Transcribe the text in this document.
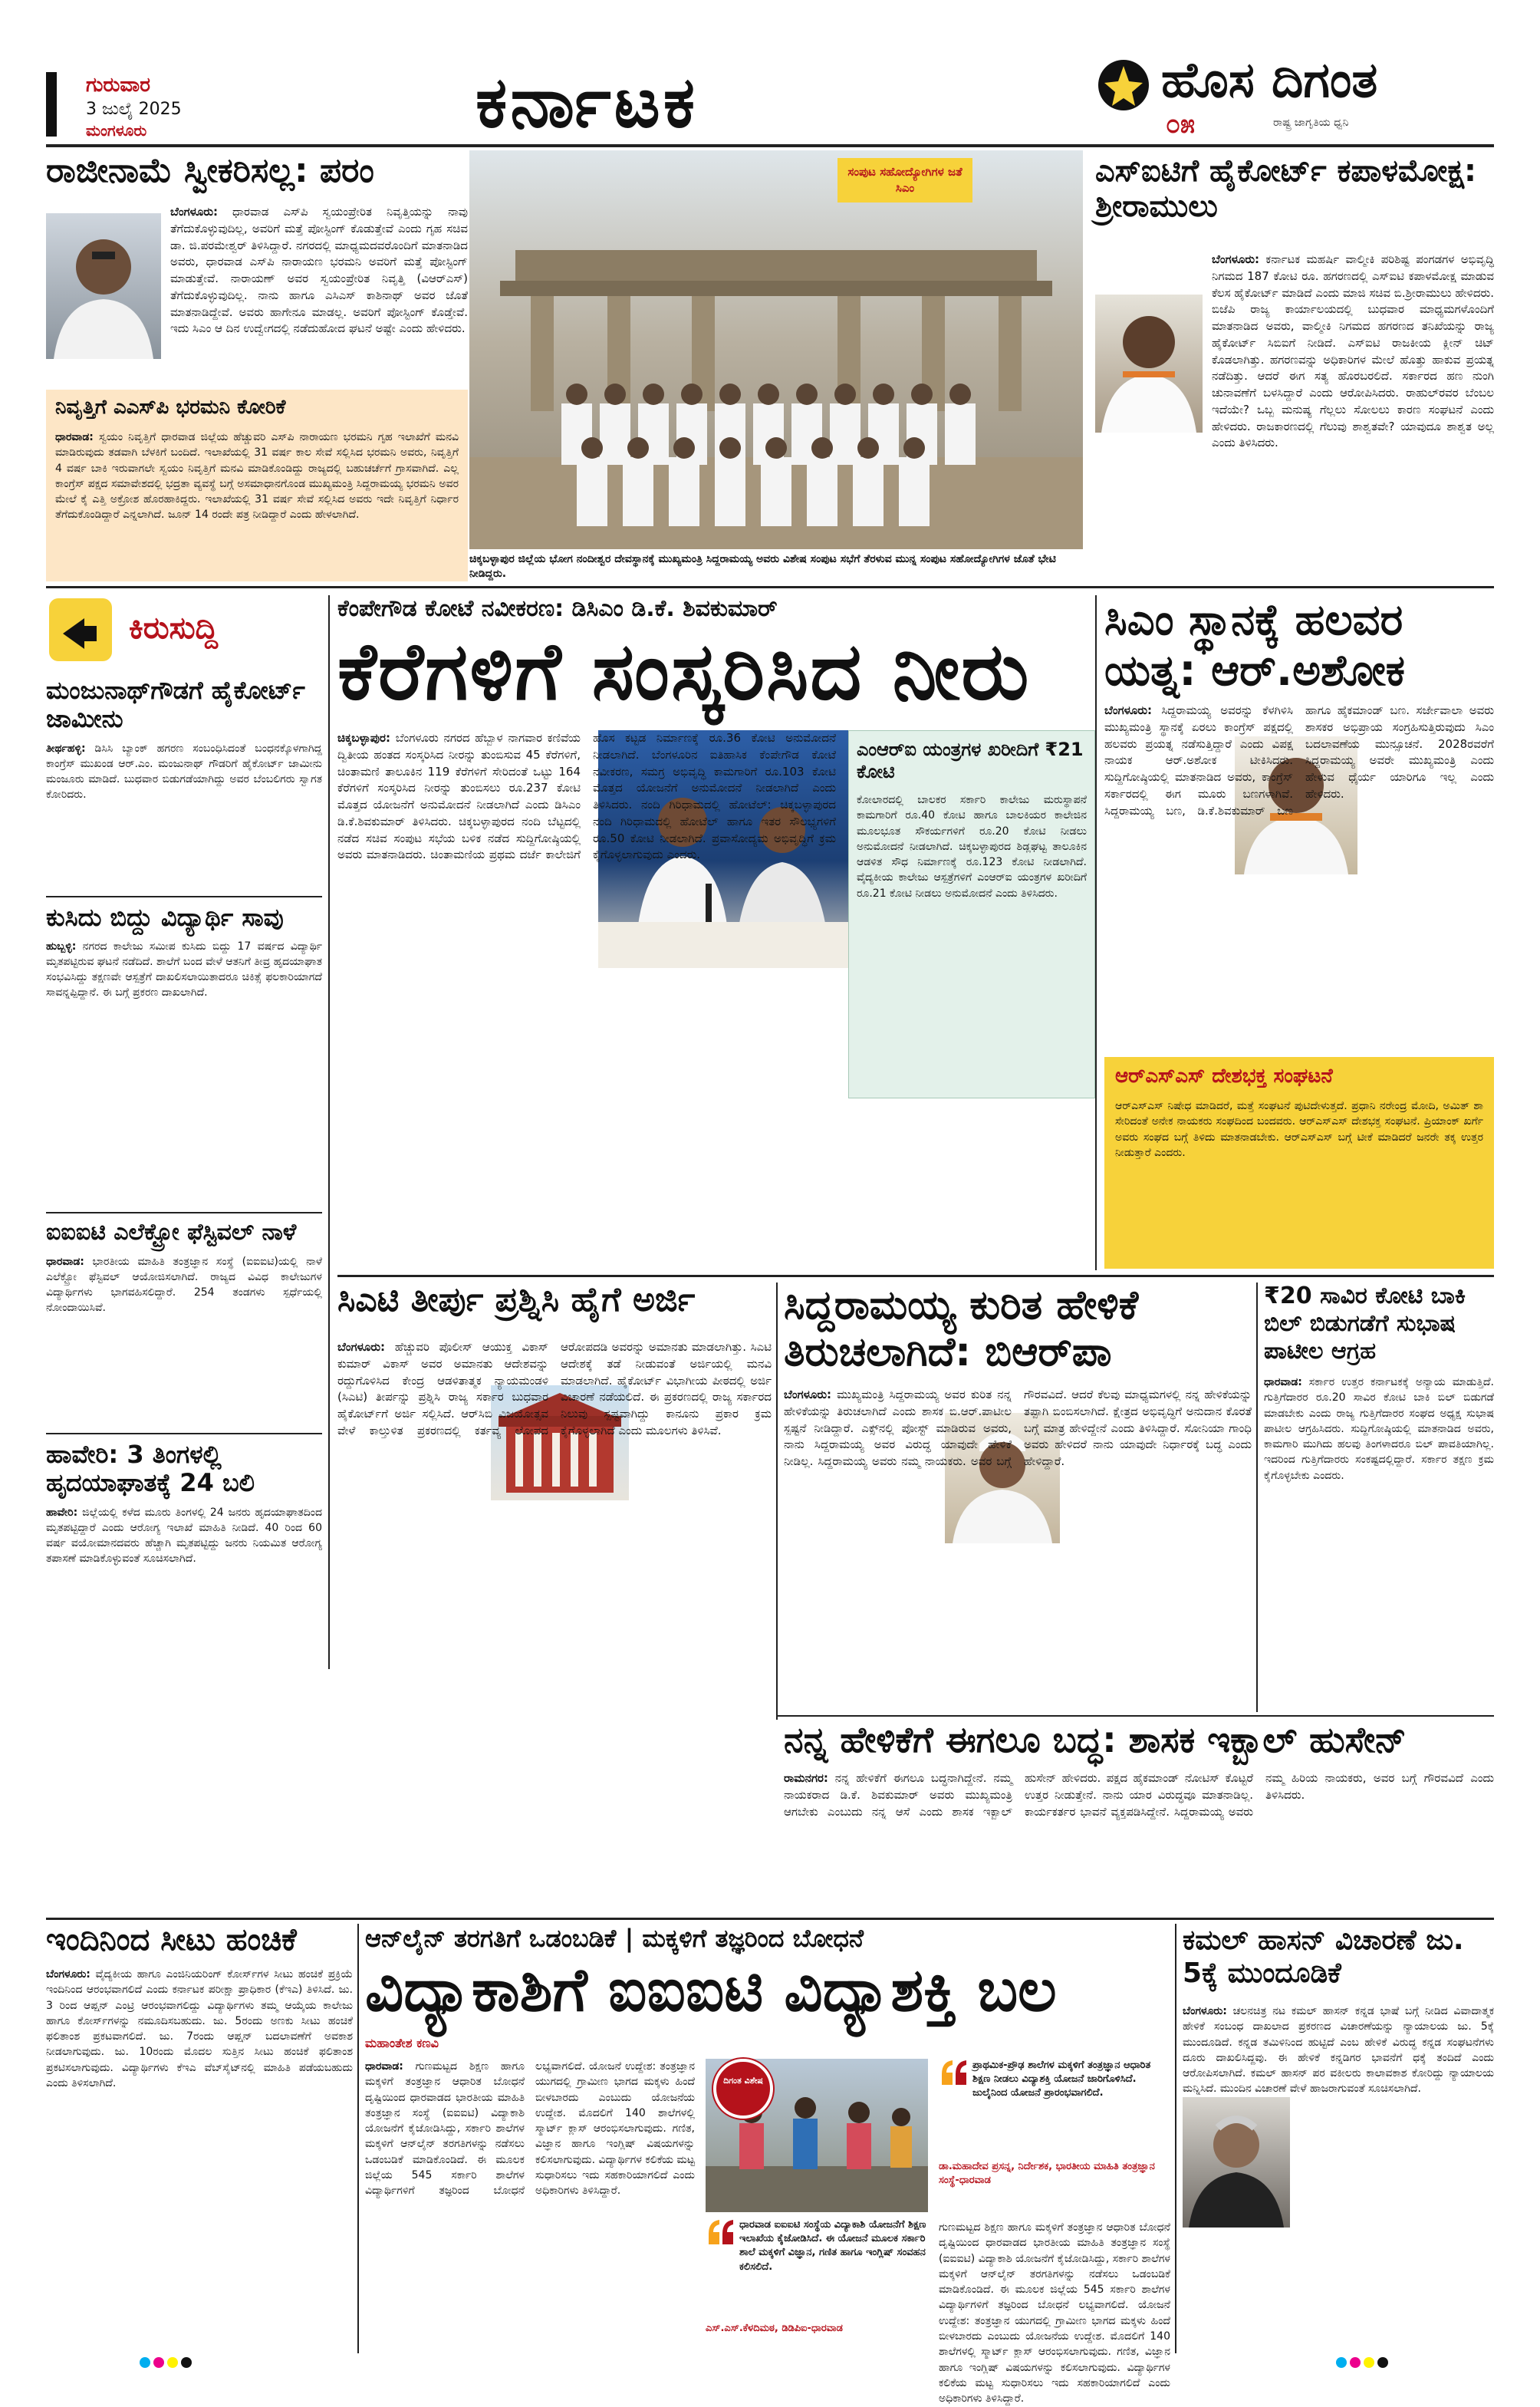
ಗುರುವಾರ
3 ಜುಲೈ 2025
ಮಂಗಳೂರು	ಕರ್ನಾಟಕ	ಹೊಸ ದಿಗಂತ
ರಾಷ್ಟ್ರ ಜಾಗೃತಿಯ ಧ್ವನಿ
೦೫
ರಾಜೀನಾಮೆ ಸ್ವೀಕರಿಸಲ್ಲ: ಪರಂ
ಬೆಂಗಳೂರು: ಧಾರವಾಡ ಎಸ್‌ಪಿ ಸ್ವಯಂಪ್ರೇರಿತ ನಿವೃತ್ತಿಯನ್ನು ನಾವು ತೆಗೆದುಕೊಳ್ಳುವುದಿಲ್ಲ, ಅವರಿಗೆ ಮತ್ತೆ ಪೋಸ್ಟಿಂಗ್ ಕೊಡುತ್ತೇವೆ ಎಂದು ಗೃಹ ಸಚಿವ ಡಾ. ಜಿ.ಪರಮೇಶ್ವರ್ ತಿಳಿಸಿದ್ದಾರೆ. ನಗರದಲ್ಲಿ ಮಾಧ್ಯಮದವರೊಂದಿಗೆ ಮಾತನಾಡಿದ ಅವರು, ಧಾರವಾಡ ಎಸ್‌ಪಿ ನಾರಾಯಣ ಭರಮನಿ ಅವರಿಗೆ ಮತ್ತೆ ಪೋಸ್ಟಿಂಗ್ ಮಾಡುತ್ತೇವೆ. ನಾರಾಯಣ್ ಅವರ ಸ್ವಯಂಪ್ರೇರಿತ ನಿವೃತ್ತಿ (ವಿಆರ್‌ಎಸ್) ತೆಗೆದುಕೊಳ್ಳುವುದಿಲ್ಲ. ನಾನು ಹಾಗೂ ಎಸಿಎಸ್ ಕಾಶಿನಾಥ್ ಅವರ ಜೊತೆ ಮಾತನಾಡಿದ್ದೇವೆ. ಅವರು ಹಾಗೇನೂ ಮಾಡಲ್ಲ. ಅವರಿಗೆ ಪೋಸ್ಟಿಂಗ್ ಕೊಡ್ತೇವೆ. ಇದು ಸಿಎಂ ಆ ದಿನ ಉದ್ವೇಗದಲ್ಲಿ ನಡೆದುಹೋದ ಘಟನೆ ಅಷ್ಟೇ ಎಂದು ಹೇಳಿದರು.
ನಿವೃತ್ತಿಗೆ ಎಎಸ್‌ಪಿ ಭರಮನಿ ಕೋರಿಕೆ
ಧಾರವಾಡ: ಸ್ವಯಂ ನಿವೃತ್ತಿಗೆ ಧಾರವಾಡ ಜಿಲ್ಲೆಯ ಹೆಚ್ಚುವರಿ ಎಸ್‌ಪಿ ನಾರಾಯಣ ಭರಮನಿ ಗೃಹ ಇಲಾಖೆಗೆ ಮನವಿ ಮಾಡಿರುವುದು ತಡವಾಗಿ ಬೆಳಕಿಗೆ ಬಂದಿದೆ. ಇಲಾಖೆಯಲ್ಲಿ 31 ವರ್ಷ ಕಾಲ ಸೇವೆ ಸಲ್ಲಿಸಿದ ಭರಮನಿ ಅವರು, ನಿವೃತ್ತಿಗೆ 4 ವರ್ಷ ಬಾಕಿ ಇರುವಾಗಲೇ ಸ್ವಯಂ ನಿವೃತ್ತಿಗೆ ಮನವಿ ಮಾಡಿಕೊಂಡಿದ್ದು ರಾಜ್ಯದಲ್ಲಿ ಬಹುಚರ್ಚೆಗೆ ಗ್ರಾಸವಾಗಿದೆ. ಎಲ್ಲ ಕಾಂಗ್ರೆಸ್‌ ಪಕ್ಷದ ಸಮಾವೇಶದಲ್ಲಿ ಭದ್ರತಾ ವ್ಯವಸ್ಥೆ ಬಗ್ಗೆ ಅಸಮಾಧಾನಗೊಂಡ ಮುಖ್ಯಮಂತ್ರಿ ಸಿದ್ದರಾಮಯ್ಯ ಭರಮನಿ ಅವರ ಮೇಲೆ ಕೈ ಎತ್ತಿ ಅಕ್ರೋಶ ಹೊರಹಾಕಿದ್ದರು. ಇಲಾಖೆಯಲ್ಲಿ 31 ವರ್ಷ ಸೇವೆ ಸಲ್ಲಿಸಿದ ಅವರು ಇದೇ ನಿವೃತ್ತಿಗೆ ನಿರ್ಧಾರ ತೆಗೆದುಕೊಂಡಿದ್ದಾರೆ ಎನ್ನಲಾಗಿದೆ. ಜೂನ್ 14 ರಂದೇ ಪತ್ರ ನೀಡಿದ್ದಾರೆ ಎಂದು ಹೇಳಲಾಗಿದೆ.
ಸಂಪುಟ ಸಹೋದ್ಯೋಗಿಗಳ ಜತೆ ಸಿಎಂ
ಚಿಕ್ಕಬಳ್ಳಾಪುರ ಜಿಲ್ಲೆಯ ಭೋಗ ನಂದೀಶ್ವರ ದೇವಸ್ಥಾನಕ್ಕೆ ಮುಖ್ಯಮಂತ್ರಿ ಸಿದ್ದರಾಮಯ್ಯ ಅವರು ವಿಶೇಷ ಸಂಪುಟ ಸಭೆಗೆ ತೆರಳುವ ಮುನ್ನ ಸಂಪುಟ ಸಹೋದ್ಯೋಗಿಗಳ ಜೊತೆ ಭೇಟಿ ನೀಡಿದ್ದರು.
ಎಸ್‌ಐಟಿಗೆ ಹೈಕೋರ್ಟ್ ಕಪಾಳಮೋಕ್ಷ: ಶ್ರೀರಾಮುಲು
ಬೆಂಗಳೂರು: ಕರ್ನಾಟಕ ಮಹರ್ಷಿ ವಾಲ್ಮೀಕಿ ಪರಿಶಿಷ್ಟ ಪಂಗಡಗಳ ಅಭಿವೃದ್ಧಿ ನಿಗಮದ 187 ಕೋಟಿ ರೂ. ಹಗರಣದಲ್ಲಿ ಎಸ್‌ಐಟಿ ಕಪಾಳಮೋಕ್ಷ ಮಾಡುವ ಕೆಲಸ ಹೈಕೋರ್ಟ್ ಮಾಡಿದೆ ಎಂದು ಮಾಜಿ ಸಚಿವ ಬಿ.ಶ್ರೀರಾಮುಲು ಹೇಳಿದರು. ಬಿಜೆಪಿ ರಾಜ್ಯ ಕಾರ್ಯಾಲಯದಲ್ಲಿ ಬುಧವಾರ ಮಾಧ್ಯಮಗಳೊಂದಿಗೆ ಮಾತನಾಡಿದ ಅವರು, ವಾಲ್ಮೀಕಿ ನಿಗಮದ ಹಗರಣದ ತನಿಖೆಯನ್ನು ರಾಜ್ಯ ಹೈಕೋರ್ಟ್ ಸಿಬಿಐಗೆ ನೀಡಿದೆ. ಎಸ್‌ಐಟಿ ರಾಜಕೀಯ ಕ್ಲೀನ್ ಚಿಟ್ ಕೊಡಲಾಗಿತ್ತು. ಹಗರಣವನ್ನು ಅಧಿಕಾರಿಗಳ ಮೇಲೆ ಹೊತ್ತು ಹಾಕುವ ಪ್ರಯತ್ನ ನಡೆದಿತ್ತು. ಆದರೆ ಈಗ ಸತ್ಯ ಹೊರಬರಲಿದೆ. ಸರ್ಕಾರದ ಹಣ ನುಂಗಿ ಚುನಾವಣೆಗೆ ಬಳಸಿದ್ದಾರೆ ಎಂದು ಆರೋಪಿಸಿದರು. ರಾಹುಲ್‌ರವರ ಬೆಂಬಲ ಇದೆಯೇ? ಒಬ್ಬ ಮನುಷ್ಯ ಗೆಲ್ಲಲು ಸೋಲಲು ಕಾರಣ ಸಂಘಟನೆ ಎಂದು ಹೇಳಿದರು. ರಾಜಕಾರಣದಲ್ಲಿ ಗೆಲುವು ಶಾಶ್ವತವೇ? ಯಾವುದೂ ಶಾಶ್ವತ ಅಲ್ಲ ಎಂದು ತಿಳಿಸಿದರು.
ಕಿರುಸುದ್ದಿ
ಮಂಜುನಾಥ್‌ಗೌಡಗೆ ಹೈಕೋರ್ಟ್ ಜಾಮೀನು
ತೀರ್ಥಹಳ್ಳಿ: ಡಿಸಿಸಿ ಬ್ಯಾಂಕ್ ಹಗರಣ ಸಂಬಂಧಿಸಿದಂತೆ ಬಂಧನಕ್ಕೊಳಗಾಗಿದ್ದ ಕಾಂಗ್ರೆಸ್ ಮುಖಂಡ ಆರ್.ಎಂ. ಮಂಜುನಾಥ್ ಗೌಡರಿಗೆ ಹೈಕೋರ್ಟ್ ಜಾಮೀನು ಮಂಜೂರು ಮಾಡಿದೆ. ಬುಧವಾರ ಬಿಡುಗಡೆಯಾಗಿದ್ದು ಅವರ ಬೆಂಬಲಿಗರು ಸ್ವಾಗತ ಕೋರಿದರು.
ಕುಸಿದು ಬಿದ್ದು ವಿದ್ಯಾರ್ಥಿ ಸಾವು
ಹುಬ್ಬಳ್ಳಿ: ನಗರದ ಕಾಲೇಜು ಸಮೀಪ ಕುಸಿದು ಬಿದ್ದು 17 ವರ್ಷದ ವಿದ್ಯಾರ್ಥಿ ಮೃತಪಟ್ಟಿರುವ ಘಟನೆ ನಡೆದಿದೆ. ಶಾಲೆಗೆ ಬಂದ ವೇಳೆ ಆತನಿಗೆ ತೀವ್ರ ಹೃದಯಾಘಾತ ಸಂಭವಿಸಿದ್ದು ತಕ್ಷಣವೇ ಆಸ್ಪತ್ರೆಗೆ ದಾಖಲಿಸಲಾಯಿತಾದರೂ ಚಿಕಿತ್ಸೆ ಫಲಕಾರಿಯಾಗದೆ ಸಾವನ್ನಪ್ಪಿದ್ದಾನೆ. ಈ ಬಗ್ಗೆ ಪ್ರಕರಣ ದಾಖಲಾಗಿದೆ.
ಐಐಐಟಿ ಎಲೆಕ್ಟ್ರೋ ಫೆಸ್ಟಿವಲ್ ನಾಳೆ
ಧಾರವಾಡ: ಭಾರತೀಯ ಮಾಹಿತಿ ತಂತ್ರಜ್ಞಾನ ಸಂಸ್ಥೆ (ಐಐಐಟಿ)ಯಲ್ಲಿ ನಾಳೆ ಎಲೆಕ್ಟ್ರೋ ಫೆಸ್ಟಿವಲ್ ಆಯೋಜಿಸಲಾಗಿದೆ. ರಾಜ್ಯದ ವಿವಿಧ ಕಾಲೇಜುಗಳ ವಿದ್ಯಾರ್ಥಿಗಳು ಭಾಗವಹಿಸಲಿದ್ದಾರೆ. 254 ತಂಡಗಳು ಸ್ಪರ್ಧೆಯಲ್ಲಿ ನೋಂದಾಯಿಸಿವೆ.
ಹಾವೇರಿ: 3 ತಿಂಗಳಲ್ಲಿ ಹೃದಯಾಘಾತಕ್ಕೆ 24 ಬಲಿ
ಹಾವೇರಿ: ಜಿಲ್ಲೆಯಲ್ಲಿ ಕಳೆದ ಮೂರು ತಿಂಗಳಲ್ಲಿ 24 ಜನರು ಹೃದಯಾಘಾತದಿಂದ ಮೃತಪಟ್ಟಿದ್ದಾರೆ ಎಂದು ಆರೋಗ್ಯ ಇಲಾಖೆ ಮಾಹಿತಿ ನೀಡಿದೆ. 40 ರಿಂದ 60 ವರ್ಷ ವಯೋಮಾನದವರು ಹೆಚ್ಚಾಗಿ ಮೃತಪಟ್ಟಿದ್ದು ಜನರು ನಿಯಮಿತ ಆರೋಗ್ಯ ತಪಾಸಣೆ ಮಾಡಿಕೊಳ್ಳುವಂತೆ ಸೂಚಿಸಲಾಗಿದೆ.
ಕೆಂಪೇಗೌಡ ಕೋಟೆ ನವೀಕರಣ: ಡಿಸಿಎಂ ಡಿ.ಕೆ. ಶಿವಕುಮಾರ್
ಕೆರೆಗಳಿಗೆ ಸಂಸ್ಕರಿಸಿದ ನೀರು
ಚಿಕ್ಕಬಳ್ಳಾಪುರ: ಬೆಂಗಳೂರು ನಗರದ ಹೆಬ್ಬಾಳ ನಾಗವಾರ ಕಣಿವೆಯ ದ್ವಿತೀಯ ಹಂತದ ಸಂಸ್ಕರಿಸಿದ ನೀರನ್ನು ತುಂಬಿಸುವ 45 ಕೆರೆಗಳಿಗೆ, ಚಿಂತಾಮಣಿ ತಾಲೂಕಿನ 119 ಕೆರೆಗಳಿಗೆ ಸೇರಿದಂತೆ ಒಟ್ಟು 164 ಕೆರೆಗಳಿಗೆ ಸಂಸ್ಕರಿಸಿದ ನೀರನ್ನು ತುಂಬಿಸಲು ರೂ.237 ಕೋಟಿ ಮೊತ್ತದ ಯೋಜನೆಗೆ ಅನುಮೋದನೆ ನೀಡಲಾಗಿದೆ ಎಂದು ಡಿಸಿಎಂ ಡಿ.ಕೆ.ಶಿವಕುಮಾರ್ ತಿಳಿಸಿದರು. ಚಿಕ್ಕಬಳ್ಳಾಪುರದ ನಂದಿ ಬೆಟ್ಟದಲ್ಲಿ ನಡೆದ ಸಚಿವ ಸಂಪುಟ ಸಭೆಯ ಬಳಿಕ ನಡೆದ ಸುದ್ದಿಗೋಷ್ಠಿಯಲ್ಲಿ ಅವರು ಮಾತನಾಡಿದರು. ಚಿಂತಾಮಣಿಯ ಪ್ರಥಮ ದರ್ಜೆ ಕಾಲೇಜಿಗೆ ಹೊಸ ಕಟ್ಟಡ ನಿರ್ಮಾಣಕ್ಕೆ ರೂ.36 ಕೋಟಿ ಅನುಮೋದನೆ ನೀಡಲಾಗಿದೆ. ಬೆಂಗಳೂರಿನ ಐತಿಹಾಸಿಕ ಕೆಂಪೇಗೌಡ ಕೋಟೆ ನವೀಕರಣ, ಸಮಗ್ರ ಅಭಿವೃದ್ಧಿ ಕಾಮಗಾರಿಗೆ ರೂ.103 ಕೋಟಿ ಮೊತ್ತದ ಯೋಜನೆಗೆ ಅನುಮೋದನೆ ನೀಡಲಾಗಿದೆ ಎಂದು ತಿಳಿಸಿದರು. ನಂದಿ ಗಿರಿಧಾಮದಲ್ಲಿ ಹೋಟೆಲ್: ಚಿಕ್ಕಬಳ್ಳಾಪುರದ ನಂದಿ ಗಿರಿಧಾಮದಲ್ಲಿ ಹೋಟೆಲ್ ಹಾಗೂ ಇತರ ಸೌಲಭ್ಯಗಳಿಗೆ ರೂ.50 ಕೋಟಿ ನೀಡಲಾಗಿದೆ. ಪ್ರವಾಸೋದ್ಯಮ ಅಭಿವೃದ್ಧಿಗೆ ಕ್ರಮ ಕೈಗೊಳ್ಳಲಾಗುವುದು ಎಂದರು.
ಎಂಆರ್‌ಐ ಯಂತ್ರಗಳ ಖರೀದಿಗೆ ₹21 ಕೋಟಿ
ಕೋಲಾರದಲ್ಲಿ ಬಾಲಕರ ಸರ್ಕಾರಿ ಕಾಲೇಜು ಮರುಸ್ಥಾಪನೆ ಕಾಮಗಾರಿಗೆ ರೂ.40 ಕೋಟಿ ಹಾಗೂ ಬಾಲಕಿಯರ ಕಾಲೇಜಿನ ಮೂಲಭೂತ ಸೌಕರ್ಯಗಳಿಗೆ ರೂ.20 ಕೋಟಿ ನೀಡಲು ಅನುಮೋದನೆ ನೀಡಲಾಗಿದೆ. ಚಿಕ್ಕಬಳ್ಳಾಪುರದ ಶಿಡ್ಲಘಟ್ಟ ತಾಲೂಕಿನ ಆಡಳಿತ ಸೌಧ ನಿರ್ಮಾಣಕ್ಕೆ ರೂ.123 ಕೋಟಿ ನೀಡಲಾಗಿದೆ. ವೈದ್ಯಕೀಯ ಕಾಲೇಜು ಆಸ್ಪತ್ರೆಗಳಿಗೆ ಎಂಆರ್‌ಐ ಯಂತ್ರಗಳ ಖರೀದಿಗೆ ರೂ.21 ಕೋಟಿ ನೀಡಲು ಅನುಮೋದನೆ ಎಂದು ತಿಳಿಸಿದರು.
ಸಿಎಂ ಸ್ಥಾನಕ್ಕೆ ಹಲವರ ಯತ್ನ: ಆರ್.ಅಶೋಕ
ಬೆಂಗಳೂರು: ಸಿದ್ದರಾಮಯ್ಯ ಅವರನ್ನು ಕೆಳಗಿಳಿಸಿ ಮುಖ್ಯಮಂತ್ರಿ ಸ್ಥಾನಕ್ಕೆ ಏರಲು ಕಾಂಗ್ರೆಸ್ ಪಕ್ಷದಲ್ಲಿ ಹಲವರು ಪ್ರಯತ್ನ ನಡೆಸುತ್ತಿದ್ದಾರೆ ಎಂದು ವಿಪಕ್ಷ ನಾಯಕ ಆರ್.ಅಶೋಕ ಟೀಕಿಸಿದರು. ಸುದ್ದಿಗೋಷ್ಠಿಯಲ್ಲಿ ಮಾತನಾಡಿದ ಅವರು, ಕಾಂಗ್ರೆಸ್ ಸರ್ಕಾರದಲ್ಲಿ ಈಗ ಮೂರು ಬಣಗಳಾಗಿವೆ. ಸಿದ್ದರಾಮಯ್ಯ ಬಣ, ಡಿ.ಕೆ.ಶಿವಕುಮಾರ್ ಬಣ ಹಾಗೂ ಹೈಕಮಾಂಡ್ ಬಣ. ಸರ್ಜೇವಾಲಾ ಅವರು ಶಾಸಕರ ಅಭಿಪ್ರಾಯ ಸಂಗ್ರಹಿಸುತ್ತಿರುವುದು ಸಿಎಂ ಬದಲಾವಣೆಯ ಮುನ್ಸೂಚನೆ. 2028ರವರೆಗೆ ಸಿದ್ದರಾಮಯ್ಯ ಅವರೇ ಮುಖ್ಯಮಂತ್ರಿ ಎಂದು ಹೇಳುವ ಧೈರ್ಯ ಯಾರಿಗೂ ಇಲ್ಲ ಎಂದು ಹೇಳಿದರು.
ಆರ್‌ಎಸ್‌ಎಸ್ ದೇಶಭಕ್ತ ಸಂಘಟನೆ
ಆರ್‌ಎಸ್‌ಎಸ್ ನಿಷೇಧ ಮಾಡಿದರೆ, ಮತ್ತೆ ಸಂಘಟನೆ ಪುಟಿದೇಳುತ್ತದೆ. ಪ್ರಧಾನಿ ನರೇಂದ್ರ ಮೋದಿ, ಅಮಿತ್ ಶಾ ಸೇರಿದಂತೆ ಅನೇಕ ನಾಯಕರು ಸಂಘದಿಂದ ಬಂದವರು. ಆರ್‌ಎಸ್‌ಎಸ್ ದೇಶಭಕ್ತ ಸಂಘಟನೆ. ಪ್ರಿಯಾಂಕ್ ಖರ್ಗೆ ಅವರು ಸಂಘದ ಬಗ್ಗೆ ತಿಳಿದು ಮಾತನಾಡಬೇಕು. ಆರ್‌ಎಸ್‌ಎಸ್ ಬಗ್ಗೆ ಟೀಕೆ ಮಾಡಿದರೆ ಜನರೇ ತಕ್ಕ ಉತ್ತರ ನೀಡುತ್ತಾರೆ ಎಂದರು.
ಸಿಎಟಿ ತೀರ್ಪು ಪ್ರಶ್ನಿಸಿ ಹೈಗೆ ಅರ್ಜಿ
ಬೆಂಗಳೂರು: ಹೆಚ್ಚುವರಿ ಪೊಲೀಸ್ ಆಯುಕ್ತ ವಿಕಾಸ್ ಕುಮಾರ್ ವಿಕಾಸ್ ಅವರ ಅಮಾನತು ಆದೇಶವನ್ನು ರದ್ದುಗೊಳಿಸಿದ ಕೇಂದ್ರ ಆಡಳಿತಾತ್ಮಕ ನ್ಯಾಯಮಂಡಳಿ (ಸಿಎಟಿ) ತೀರ್ಪನ್ನು ಪ್ರಶ್ನಿಸಿ ರಾಜ್ಯ ಸರ್ಕಾರ ಬುಧವಾರ ಹೈಕೋರ್ಟ್‌ಗೆ ಅರ್ಜಿ ಸಲ್ಲಿಸಿದೆ. ಆರ್‌ಸಿಬಿ ವಿಜಯೋತ್ಸವ ವೇಳೆ ಕಾಲ್ತುಳಿತ ಪ್ರಕರಣದಲ್ಲಿ ಕರ್ತವ್ಯ ಲೋಪದ ಆರೋಪದಡಿ ಅವರನ್ನು ಅಮಾನತು ಮಾಡಲಾಗಿತ್ತು. ಸಿಎಟಿ ಆದೇಶಕ್ಕೆ ತಡೆ ನೀಡುವಂತೆ ಅರ್ಜಿಯಲ್ಲಿ ಮನವಿ ಮಾಡಲಾಗಿದೆ. ಹೈಕೋರ್ಟ್ ವಿಭಾಗೀಯ ಪೀಠದಲ್ಲಿ ಅರ್ಜಿ ವಿಚಾರಣೆ ನಡೆಯಲಿದೆ. ಈ ಪ್ರಕರಣದಲ್ಲಿ ರಾಜ್ಯ ಸರ್ಕಾರದ ನಿಲುವು ಸ್ಪಷ್ಟವಾಗಿದ್ದು ಕಾನೂನು ಪ್ರಕಾರ ಕ್ರಮ ಕೈಗೊಳ್ಳಲಾಗಿದೆ ಎಂದು ಮೂಲಗಳು ತಿಳಿಸಿವೆ.
ಸಿದ್ದರಾಮಯ್ಯ ಕುರಿತ ಹೇಳಿಕೆ ತಿರುಚಲಾಗಿದೆ: ಬಿಆರ್‌ಪಾ
ಬೆಂಗಳೂರು: ಮುಖ್ಯಮಂತ್ರಿ ಸಿದ್ದರಾಮಯ್ಯ ಅವರ ಕುರಿತ ನನ್ನ ಹೇಳಿಕೆಯನ್ನು ತಿರುಚಲಾಗಿದೆ ಎಂದು ಶಾಸಕ ಬಿ.ಆರ್.ಪಾಟೀಲ ಸ್ಪಷ್ಟನೆ ನೀಡಿದ್ದಾರೆ. ಎಕ್ಸ್‌ನಲ್ಲಿ ಪೋಸ್ಟ್ ಮಾಡಿರುವ ಅವರು, ನಾನು ಸಿದ್ದರಾಮಯ್ಯ ಅವರ ವಿರುದ್ಧ ಯಾವುದೇ ಹೇಳಿಕೆ ನೀಡಿಲ್ಲ. ಸಿದ್ದರಾಮಯ್ಯ ಅವರು ನಮ್ಮ ನಾಯಕರು. ಅವರ ಬಗ್ಗೆ ಗೌರವವಿದೆ. ಆದರೆ ಕೆಲವು ಮಾಧ್ಯಮಗಳಲ್ಲಿ ನನ್ನ ಹೇಳಿಕೆಯನ್ನು ತಪ್ಪಾಗಿ ಬಿಂಬಿಸಲಾಗಿದೆ. ಕ್ಷೇತ್ರದ ಅಭಿವೃದ್ಧಿಗೆ ಅನುದಾನ ಕೊರತೆ ಬಗ್ಗೆ ಮಾತ್ರ ಹೇಳಿದ್ದೇನೆ ಎಂದು ತಿಳಿಸಿದ್ದಾರೆ. ಸೋನಿಯಾ ಗಾಂಧಿ ಅವರು ಹೇಳಿದರೆ ನಾನು ಯಾವುದೇ ನಿರ್ಧಾರಕ್ಕೆ ಬದ್ಧ ಎಂದು ಹೇಳಿದ್ದಾರೆ.
₹20 ಸಾವಿರ ಕೋಟಿ ಬಾಕಿ ಬಿಲ್ ಬಿಡುಗಡೆಗೆ ಸುಭಾಷ ಪಾಟೀಲ ಆಗ್ರಹ
ಧಾರವಾಡ: ಸರ್ಕಾರ ಉತ್ತರ ಕರ್ನಾಟಕಕ್ಕೆ ಅನ್ಯಾಯ ಮಾಡುತ್ತಿದೆ. ಗುತ್ತಿಗೆದಾರರ ರೂ.20 ಸಾವಿರ ಕೋಟಿ ಬಾಕಿ ಬಿಲ್ ಬಿಡುಗಡೆ ಮಾಡಬೇಕು ಎಂದು ರಾಜ್ಯ ಗುತ್ತಿಗೆದಾರರ ಸಂಘದ ಅಧ್ಯಕ್ಷ ಸುಭಾಷ ಪಾಟೀಲ ಆಗ್ರಹಿಸಿದರು. ಸುದ್ದಿಗೋಷ್ಠಿಯಲ್ಲಿ ಮಾತನಾಡಿದ ಅವರು, ಕಾಮಗಾರಿ ಮುಗಿದು ಹಲವು ತಿಂಗಳಾದರೂ ಬಿಲ್ ಪಾವತಿಯಾಗಿಲ್ಲ. ಇದರಿಂದ ಗುತ್ತಿಗೆದಾರರು ಸಂಕಷ್ಟದಲ್ಲಿದ್ದಾರೆ. ಸರ್ಕಾರ ತಕ್ಷಣ ಕ್ರಮ ಕೈಗೊಳ್ಳಬೇಕು ಎಂದರು.
ನನ್ನ ಹೇಳಿಕೆಗೆ ಈಗಲೂ ಬದ್ಧ: ಶಾಸಕ ಇಕ್ಬಾಲ್ ಹುಸೇನ್
ರಾಮನಗರ: ನನ್ನ ಹೇಳಿಕೆಗೆ ಈಗಲೂ ಬದ್ಧನಾಗಿದ್ದೇನೆ. ನಮ್ಮ ನಾಯಕರಾದ ಡಿ.ಕೆ. ಶಿವಕುಮಾರ್ ಅವರು ಮುಖ್ಯಮಂತ್ರಿ ಆಗಬೇಕು ಎಂಬುದು ನನ್ನ ಆಸೆ ಎಂದು ಶಾಸಕ ಇಕ್ಬಾಲ್ ಹುಸೇನ್ ಹೇಳಿದರು. ಪಕ್ಷದ ಹೈಕಮಾಂಡ್ ನೋಟಿಸ್ ಕೊಟ್ಟರೆ ಉತ್ತರ ನೀಡುತ್ತೇನೆ. ನಾನು ಯಾರ ವಿರುದ್ಧವೂ ಮಾತನಾಡಿಲ್ಲ. ಕಾರ್ಯಕರ್ತರ ಭಾವನೆ ವ್ಯಕ್ತಪಡಿಸಿದ್ದೇನೆ. ಸಿದ್ದರಾಮಯ್ಯ ಅವರು ನಮ್ಮ ಹಿರಿಯ ನಾಯಕರು, ಅವರ ಬಗ್ಗೆ ಗೌರವವಿದೆ ಎಂದು ತಿಳಿಸಿದರು.
ಇಂದಿನಿಂದ ಸೀಟು ಹಂಚಿಕೆ
ಬೆಂಗಳೂರು: ವೈದ್ಯಕೀಯ ಹಾಗೂ ಎಂಜಿನಿಯರಿಂಗ್ ಕೋರ್ಸ್‌ಗಳ ಸೀಟು ಹಂಚಿಕೆ ಪ್ರಕ್ರಿಯೆ ಇಂದಿನಿಂದ ಆರಂಭವಾಗಲಿದೆ ಎಂದು ಕರ್ನಾಟಕ ಪರೀಕ್ಷಾ ಪ್ರಾಧಿಕಾರ (ಕೆಇಎ) ತಿಳಿಸಿದೆ. ಜು. 3 ರಿಂದ ಆಪ್ಷನ್ ಎಂಟ್ರಿ ಆರಂಭವಾಗಲಿದ್ದು ವಿದ್ಯಾರ್ಥಿಗಳು ತಮ್ಮ ಆಯ್ಕೆಯ ಕಾಲೇಜು ಹಾಗೂ ಕೋರ್ಸ್‌ಗಳನ್ನು ನಮೂದಿಸಬಹುದು. ಜು. 5ರಂದು ಅಣಕು ಸೀಟು ಹಂಚಿಕೆ ಫಲಿತಾಂಶ ಪ್ರಕಟವಾಗಲಿದೆ. ಜು. 7ರಂದು ಆಪ್ಷನ್ ಬದಲಾವಣೆಗೆ ಅವಕಾಶ ನೀಡಲಾಗುವುದು. ಜು. 10ರಂದು ಮೊದಲ ಸುತ್ತಿನ ಸೀಟು ಹಂಚಿಕೆ ಫಲಿತಾಂಶ ಪ್ರಕಟಿಸಲಾಗುವುದು. ವಿದ್ಯಾರ್ಥಿಗಳು ಕೆಇಎ ವೆಬ್‌ಸೈಟ್‌ನಲ್ಲಿ ಮಾಹಿತಿ ಪಡೆಯಬಹುದು ಎಂದು ತಿಳಿಸಲಾಗಿದೆ.
ಆನ್‌ಲೈನ್ ತರಗತಿಗೆ ಒಡಂಬಡಿಕೆ | ಮಕ್ಕಳಿಗೆ ತಜ್ಞರಿಂದ ಬೋಧನೆ
ವಿದ್ಯಾಕಾಶಿಗೆ ಐಐಐಟಿ ವಿದ್ಯಾಶಕ್ತಿ ಬಲ
ಮಹಾಂತೇಶ ಕಣವಿ
ಧಾರವಾಡ: ಗುಣಮಟ್ಟದ ಶಿಕ್ಷಣ ಹಾಗೂ ಮಕ್ಕಳಿಗೆ ತಂತ್ರಜ್ಞಾನ ಆಧಾರಿತ ಬೋಧನೆ ದೃಷ್ಟಿಯಿಂದ ಧಾರವಾಡದ ಭಾರತೀಯ ಮಾಹಿತಿ ತಂತ್ರಜ್ಞಾನ ಸಂಸ್ಥೆ (ಐಐಐಟಿ) ವಿದ್ಯಾಕಾಶಿ ಯೋಜನೆಗೆ ಕೈಜೋಡಿಸಿದ್ದು, ಸರ್ಕಾರಿ ಶಾಲೆಗಳ ಮಕ್ಕಳಿಗೆ ಆನ್‌ಲೈನ್ ತರಗತಿಗಳನ್ನು ನಡೆಸಲು ಒಡಂಬಡಿಕೆ ಮಾಡಿಕೊಂಡಿದೆ. ಈ ಮೂಲಕ ಜಿಲ್ಲೆಯ 545 ಸರ್ಕಾರಿ ಶಾಲೆಗಳ ವಿದ್ಯಾರ್ಥಿಗಳಿಗೆ ತಜ್ಞರಿಂದ ಬೋಧನೆ ಲಭ್ಯವಾಗಲಿದೆ. ಯೋಜನೆ ಉದ್ದೇಶ: ತಂತ್ರಜ್ಞಾನ ಯುಗದಲ್ಲಿ ಗ್ರಾಮೀಣ ಭಾಗದ ಮಕ್ಕಳು ಹಿಂದೆ ಬೀಳಬಾರದು ಎಂಬುದು ಯೋಜನೆಯ ಉದ್ದೇಶ. ಮೊದಲಿಗೆ 140 ಶಾಲೆಗಳಲ್ಲಿ ಸ್ಮಾರ್ಟ್ ಕ್ಲಾಸ್ ಆರಂಭಿಸಲಾಗುವುದು. ಗಣಿತ, ವಿಜ್ಞಾನ ಹಾಗೂ ಇಂಗ್ಲಿಷ್ ವಿಷಯಗಳನ್ನು ಕಲಿಸಲಾಗುವುದು. ವಿದ್ಯಾರ್ಥಿಗಳ ಕಲಿಕೆಯ ಮಟ್ಟ ಸುಧಾರಿಸಲು ಇದು ಸಹಕಾರಿಯಾಗಲಿದೆ ಎಂದು ಅಧಿಕಾರಿಗಳು ತಿಳಿಸಿದ್ದಾರೆ.
ದಿಗಂತ ವಿಶೇಷ
ಧಾರವಾಡ ಐಐಐಟಿ ಸಂಸ್ಥೆಯ ವಿದ್ಯಾಕಾಶಿ ಯೋಜನೆಗೆ ಶಿಕ್ಷಣ ಇಲಾಖೆಯ ಕೈಜೋಡಿಸಿದೆ. ಈ ಯೋಜನೆ ಮೂಲಕ ಸರ್ಕಾರಿ ಶಾಲೆ ಮಕ್ಕಳಿಗೆ ವಿಜ್ಞಾನ, ಗಣಿತ ಹಾಗೂ ಇಂಗ್ಲಿಷ್ ಸಂವಹನ ಕಲಿಸಲಿದೆ.
ಎಸ್.ಎಸ್.ಕೆಳದಿಮಠ, ಡಿಡಿಪಿಐ-ಧಾರವಾಡ
ಪ್ರಾಥಮಿಕ-ಪ್ರೌಢ ಶಾಲೆಗಳ ಮಕ್ಕಳಿಗೆ ತಂತ್ರಜ್ಞಾನ ಆಧಾರಿತ ಶಿಕ್ಷಣ ನೀಡಲು ವಿದ್ಯಾಶಕ್ತಿ ಯೋಜನೆ ಜಾರಿಗೊಳಿಸಿದೆ. ಜುಲೈನಿಂದ ಯೋಜನೆ ಪ್ರಾರಂಭವಾಗಲಿದೆ.
ಡಾ.ಮಹಾದೇವ ಪ್ರಸನ್ನ, ನಿರ್ದೇಶಕ, ಭಾರತೀಯ ಮಾಹಿತಿ ತಂತ್ರಜ್ಞಾನ ಸಂಸ್ಥೆ-ಧಾರವಾಡ
ಗುಣಮಟ್ಟದ ಶಿಕ್ಷಣ ಹಾಗೂ ಮಕ್ಕಳಿಗೆ ತಂತ್ರಜ್ಞಾನ ಆಧಾರಿತ ಬೋಧನೆ ದೃಷ್ಟಿಯಿಂದ ಧಾರವಾಡದ ಭಾರತೀಯ ಮಾಹಿತಿ ತಂತ್ರಜ್ಞಾನ ಸಂಸ್ಥೆ (ಐಐಐಟಿ) ವಿದ್ಯಾಕಾಶಿ ಯೋಜನೆಗೆ ಕೈಜೋಡಿಸಿದ್ದು, ಸರ್ಕಾರಿ ಶಾಲೆಗಳ ಮಕ್ಕಳಿಗೆ ಆನ್‌ಲೈನ್ ತರಗತಿಗಳನ್ನು ನಡೆಸಲು ಒಡಂಬಡಿಕೆ ಮಾಡಿಕೊಂಡಿದೆ. ಈ ಮೂಲಕ ಜಿಲ್ಲೆಯ 545 ಸರ್ಕಾರಿ ಶಾಲೆಗಳ ವಿದ್ಯಾರ್ಥಿಗಳಿಗೆ ತಜ್ಞರಿಂದ ಬೋಧನೆ ಲಭ್ಯವಾಗಲಿದೆ. ಯೋಜನೆ ಉದ್ದೇಶ: ತಂತ್ರಜ್ಞಾನ ಯುಗದಲ್ಲಿ ಗ್ರಾಮೀಣ ಭಾಗದ ಮಕ್ಕಳು ಹಿಂದೆ ಬೀಳಬಾರದು ಎಂಬುದು ಯೋಜನೆಯ ಉದ್ದೇಶ. ಮೊದಲಿಗೆ 140 ಶಾಲೆಗಳಲ್ಲಿ ಸ್ಮಾರ್ಟ್ ಕ್ಲಾಸ್ ಆರಂಭಿಸಲಾಗುವುದು. ಗಣಿತ, ವಿಜ್ಞಾನ ಹಾಗೂ ಇಂಗ್ಲಿಷ್ ವಿಷಯಗಳನ್ನು ಕಲಿಸಲಾಗುವುದು. ವಿದ್ಯಾರ್ಥಿಗಳ ಕಲಿಕೆಯ ಮಟ್ಟ ಸುಧಾರಿಸಲು ಇದು ಸಹಕಾರಿಯಾಗಲಿದೆ ಎಂದು ಅಧಿಕಾರಿಗಳು ತಿಳಿಸಿದ್ದಾರೆ.
ಕಮಲ್ ಹಾಸನ್ ವಿಚಾರಣೆ ಜು. 5ಕ್ಕೆ ಮುಂದೂಡಿಕೆ
ಬೆಂಗಳೂರು: ಚಲನಚಿತ್ರ ನಟ ಕಮಲ್ ಹಾಸನ್ ಕನ್ನಡ ಭಾಷೆ ಬಗ್ಗೆ ನೀಡಿದ ವಿವಾದಾತ್ಮಕ ಹೇಳಿಕೆ ಸಂಬಂಧ ದಾಖಲಾದ ಪ್ರಕರಣದ ವಿಚಾರಣೆಯನ್ನು ನ್ಯಾಯಾಲಯ ಜು. 5ಕ್ಕೆ ಮುಂದೂಡಿದೆ. ಕನ್ನಡ ತಮಿಳಿನಿಂದ ಹುಟ್ಟಿದೆ ಎಂಬ ಹೇಳಿಕೆ ವಿರುದ್ಧ ಕನ್ನಡ ಸಂಘಟನೆಗಳು ದೂರು ದಾಖಲಿಸಿದ್ದವು. ಈ ಹೇಳಿಕೆ ಕನ್ನಡಿಗರ ಭಾವನೆಗೆ ಧಕ್ಕೆ ತಂದಿದೆ ಎಂದು ಆರೋಪಿಸಲಾಗಿದೆ. ಕಮಲ್ ಹಾಸನ್ ಪರ ವಕೀಲರು ಕಾಲಾವಕಾಶ ಕೋರಿದ್ದು ನ್ಯಾಯಾಲಯ ಮನ್ನಿಸಿದೆ. ಮುಂದಿನ ವಿಚಾರಣೆ ವೇಳೆ ಹಾಜರಾಗುವಂತೆ ಸೂಚಿಸಲಾಗಿದೆ.
